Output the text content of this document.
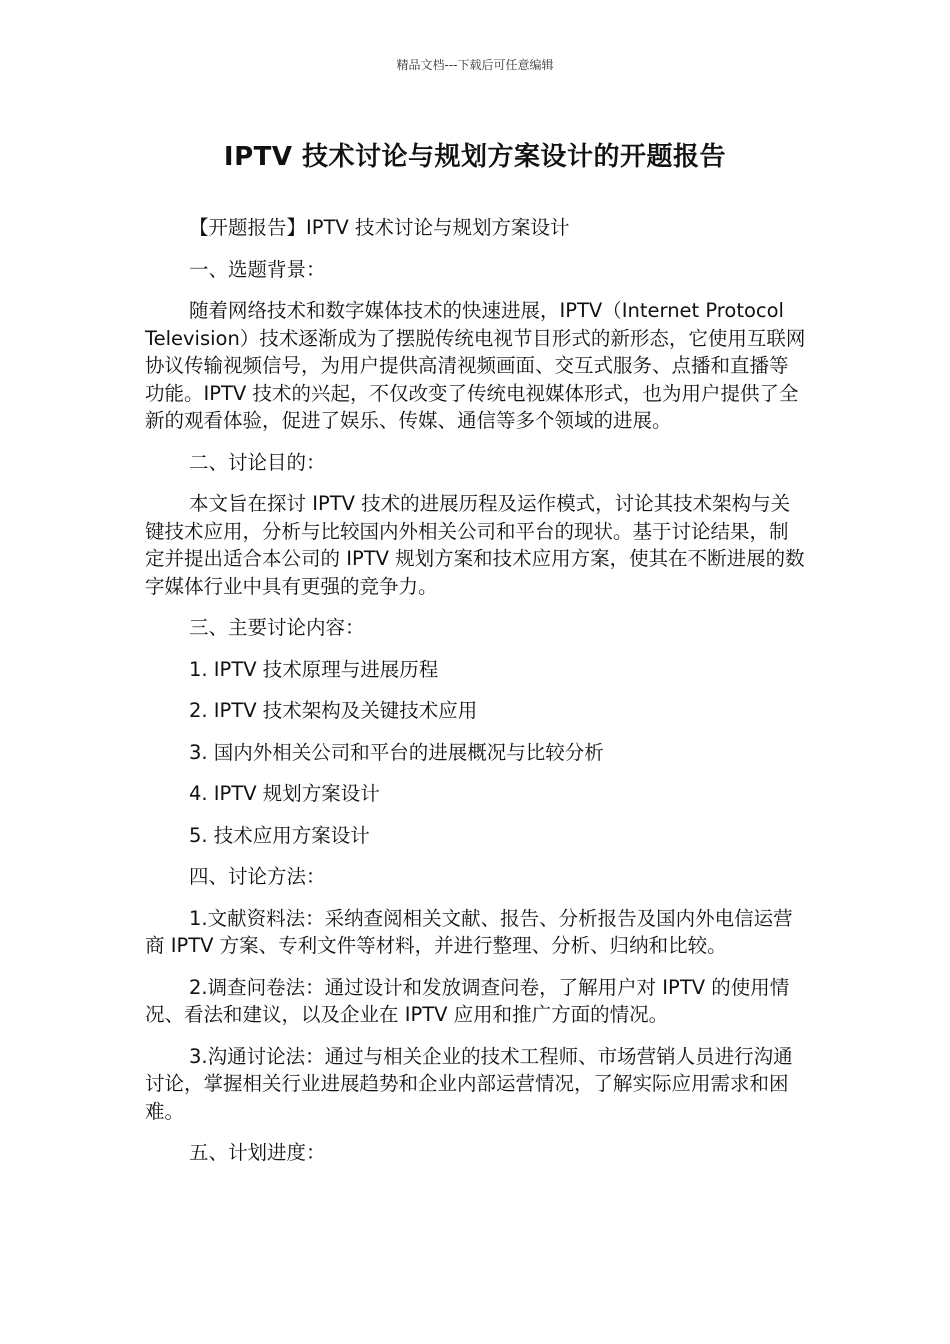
精品文档---下载后可任意编辑
IPTV 技术讨论与规划方案设计的开题报告

【开题报告】IPTV 技术讨论与规划方案设计

一、选题背景：

随着网络技术和数字媒体技术的快速进展，IPTV（Internet Protocol Television）技术逐渐成为了摆脱传统电视节目形式的新形态，它使用互联网协议传输视频信号，为用户提供高清视频画面、交互式服务、点播和直播等功能。IPTV 技术的兴起，不仅改变了传统电视媒体形式，也为用户提供了全新的观看体验，促进了娱乐、传媒、通信等多个领域的进展。

二、讨论目的：

本文旨在探讨 IPTV 技术的进展历程及运作模式，讨论其技术架构与关键技术应用，分析与比较国内外相关公司和平台的现状。基于讨论结果，制定并提出适合本公司的 IPTV 规划方案和技术应用方案，使其在不断进展的数字媒体行业中具有更强的竞争力。

三、主要讨论内容：

1. IPTV 技术原理与进展历程

2. IPTV 技术架构及关键技术应用

3. 国内外相关公司和平台的进展概况与比较分析

4. IPTV 规划方案设计

5. 技术应用方案设计

四、讨论方法：

1.文献资料法：采纳查阅相关文献、报告、分析报告及国内外电信运营商 IPTV 方案、专利文件等材料，并进行整理、分析、归纳和比较。

2.调查问卷法：通过设计和发放调查问卷，了解用户对 IPTV 的使用情况、看法和建议，以及企业在 IPTV 应用和推广方面的情况。

3.沟通讨论法：通过与相关企业的技术工程师、市场营销人员进行沟通讨论，掌握相关行业进展趋势和企业内部运营情况，了解实际应用需求和困难。

五、计划进度：
